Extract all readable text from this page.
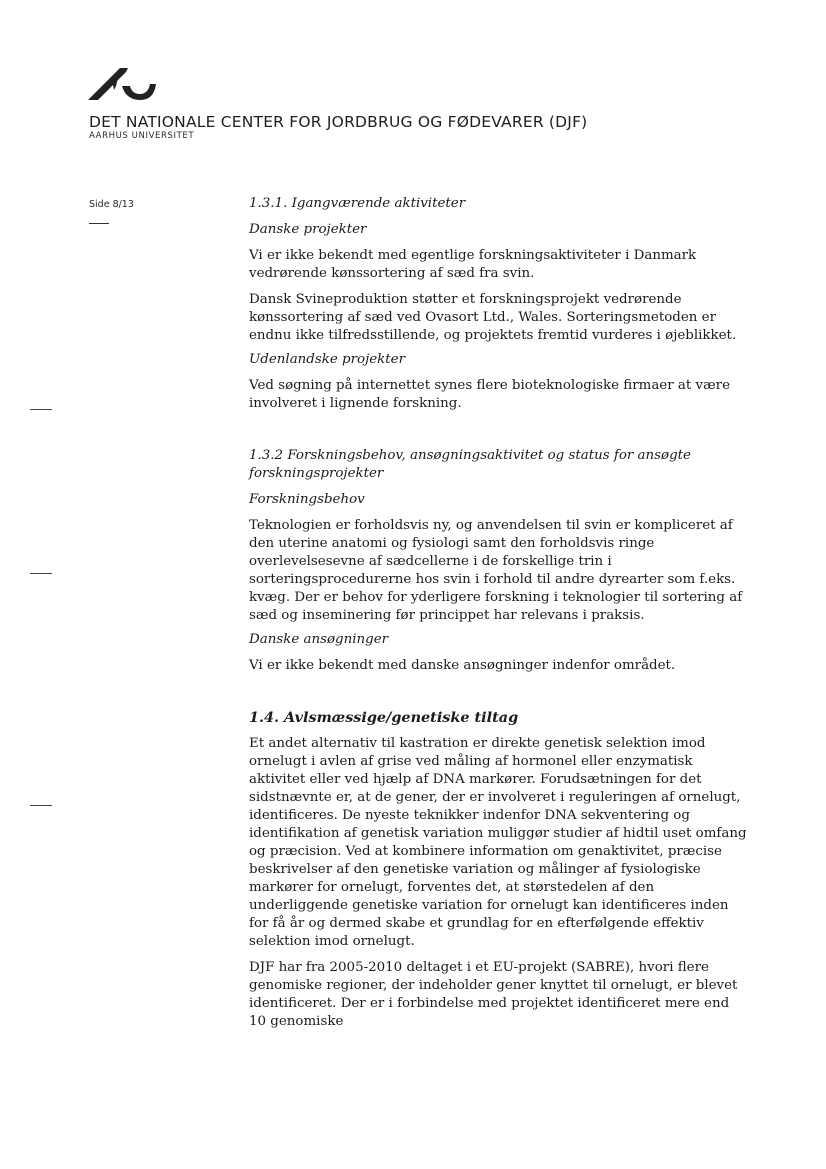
DET NATIONALE CENTER FOR JORDBRUG OG FØDEVARER (DJF)
AARHUS UNIVERSITET
Side 8/13	1.3.1. Igangværende aktiviteter

Danske projekter

Vi er ikke bekendt med egentlige forskningsaktiviteter i Danmark vedrørende kønssortering af sæd fra svin.

Dansk Svineproduktion støtter et forskningsprojekt vedrørende kønssortering af sæd ved Ovasort Ltd., Wales. Sorteringsmetoden er endnu ikke tilfredsstillende, og projektets fremtid vurderes i øjeblikket.

Udenlandske projekter

Ved søgning på internettet synes flere bioteknologiske firmaer at være involveret i lignende forskning.

1.3.2 Forskningsbehov, ansøgningsaktivitet og status for ansøgte forskningsprojekter

Forskningsbehov

Teknologien er forholdsvis ny, og anvendelsen til svin er kompliceret af den uterine anatomi og fysiologi samt den forholdsvis ringe overlevelsesevne af sædcellerne i de forskellige trin i sorteringsprocedurerne hos svin i forhold til andre dyrearter som f.eks. kvæg. Der er behov for yderligere forskning i teknologier til sortering af sæd og inseminering før princippet har relevans i praksis.

Danske ansøgninger

Vi er ikke bekendt med danske ansøgninger indenfor området.

1.4. Avlsmæssige/genetiske tiltag

Et andet alternativ til kastration er direkte genetisk selektion imod ornelugt i avlen af grise ved måling af hormonel eller enzymatisk aktivitet eller ved hjælp af DNA markører. Forudsætningen for det sidstnævnte er, at de gener, der er involveret i reguleringen af ornelugt, identificeres. De nyeste teknikker indenfor DNA sekventering og identifikation af genetisk variation muliggør studier af hidtil uset omfang og præcision. Ved at kombinere information om genaktivitet, præcise beskrivelser af den genetiske variation og målinger af fysiologiske markører for ornelugt, forventes det, at størstedelen af den underliggende genetiske variation for ornelugt kan identificeres inden for få år og dermed skabe et grundlag for en efterfølgende effektiv selektion imod ornelugt.

DJF har fra 2005-2010 deltaget i et EU-projekt (SABRE), hvori flere genomiske regioner, der indeholder gener knyttet til ornelugt, er blevet identificeret. Der er i forbindelse med projektet identificeret mere end 10 genomiske
